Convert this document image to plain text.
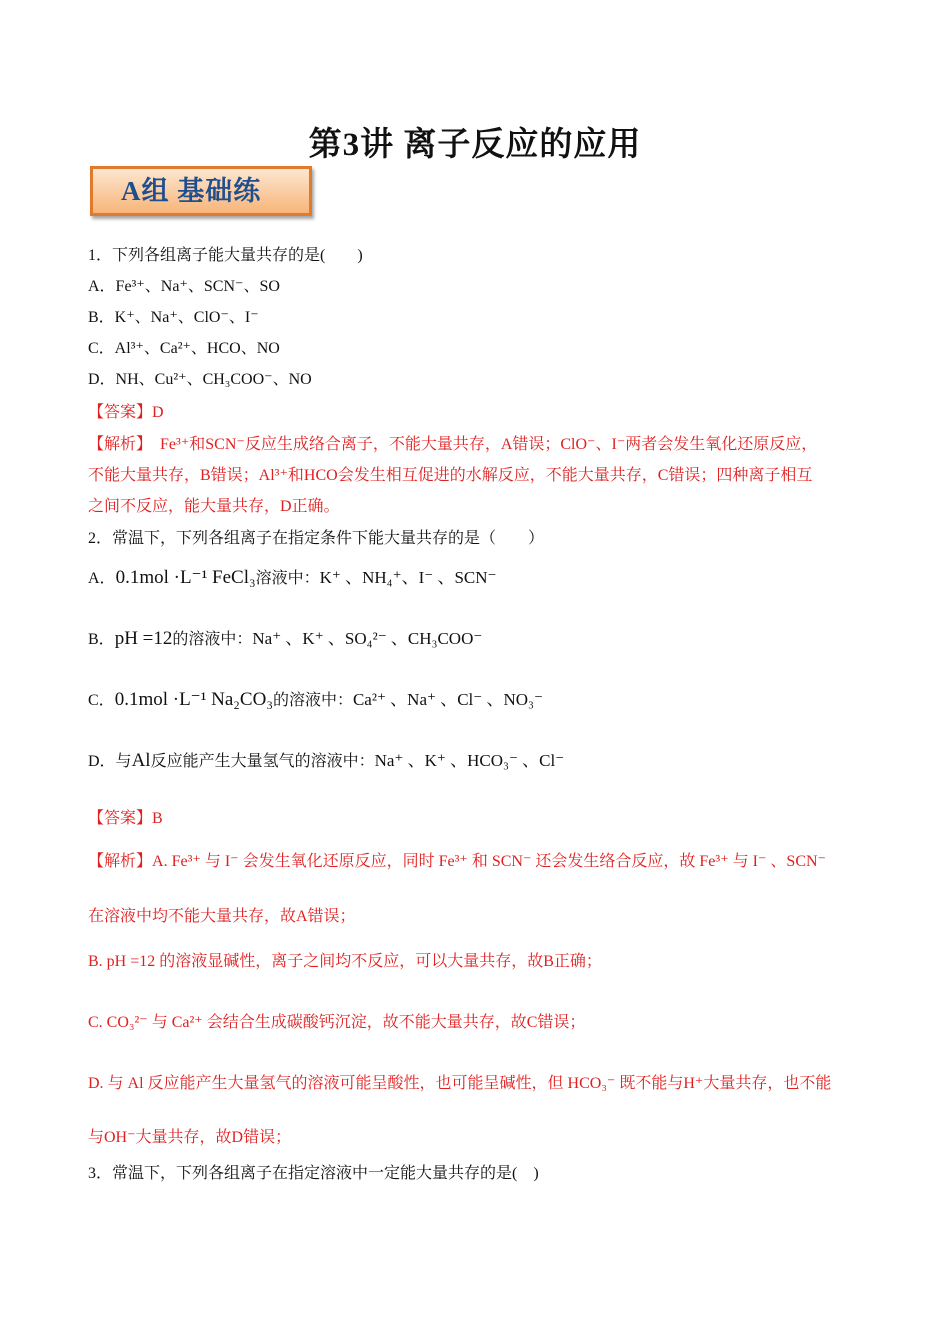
第3讲 离子反应的应用
A组 基础练
1．下列各组离子能大量共存的是(　　)
A．Fe³⁺、Na⁺、SCN⁻、SO
B．K⁺、Na⁺、ClO⁻、I⁻
C．Al³⁺、Ca²⁺、HCO、NO
D．NH、Cu²⁺、CH₃COO⁻、NO
【答案】D
【解析】　Fe³⁺和SCN⁻反应生成络合离子，不能大量共存，A错误；ClO⁻、I⁻两者会发生氧化还原反应，
不能大量共存，B错误；Al³⁺和HCO会发生相互促进的水解反应，不能大量共存，C错误；四种离子相互
之间不反应，能大量共存，D正确。
2．常温下，下列各组离子在指定条件下能大量共存的是（　　）
A．0.1mol ·L⁻¹ FeCl₃溶液中：K⁺ 、NH₄⁺、I⁻ 、SCN⁻
B．pH =12的溶液中：Na⁺ 、K⁺ 、SO₄²⁻ 、CH₃COO⁻
C．0.1mol ·L⁻¹ Na₂CO₃的溶液中：Ca²⁺ 、Na⁺ 、Cl⁻ 、NO₃⁻
D．与Al反应能产生大量氢气的溶液中：Na⁺ 、K⁺ 、HCO₃⁻ 、Cl⁻
【答案】B
【解析】A. Fe³⁺ 与 I⁻ 会发生氧化还原反应，同时 Fe³⁺ 和 SCN⁻ 还会发生络合反应，故 Fe³⁺ 与 I⁻ 、SCN⁻
在溶液中均不能大量共存，故A错误；
B. pH =12 的溶液显碱性，离子之间均不反应，可以大量共存，故B正确；
C. CO₃²⁻ 与 Ca²⁺ 会结合生成碳酸钙沉淀，故不能大量共存，故C错误；
D. 与 Al 反应能产生大量氢气的溶液可能呈酸性，也可能呈碱性，但 HCO₃⁻ 既不能与H⁺大量共存，也不能
与OH⁻大量共存，故D错误；
3．常温下，下列各组离子在指定溶液中一定能大量共存的是(　)
